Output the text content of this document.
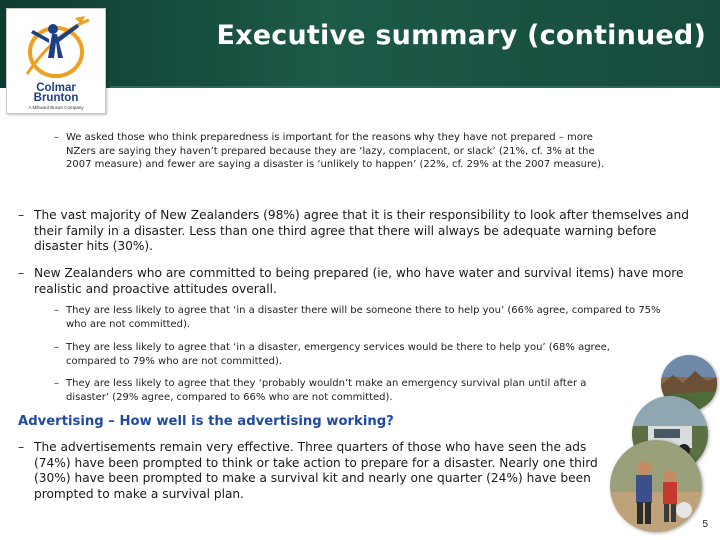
Executive summary (continued)
Colmar
Brunton
A Millward Brown Company
– We asked those who think preparedness is important for the reasons why they have not prepared – more NZers are saying they haven’t prepared because they are ‘lazy, complacent, or slack’ (21%, cf. 3% at the 2007 measure) and fewer are saying a disaster is ‘unlikely to happen’ (22%, cf. 29% at the 2007 measure).
– The vast majority of New Zealanders (98%) agree that it is their responsibility to look after themselves and their family in a disaster. Less than one third agree that there will always be adequate warning before disaster hits (30%).
– New Zealanders who are committed to being prepared (ie, who have water and survival items) have more realistic and proactive attitudes overall.
– They are less likely to agree that ‘in a disaster there will be someone there to help you’ (66% agree, compared to 75% who are not committed).
– They are less likely to agree that ‘in a disaster, emergency services would be there to help you’ (68% agree, compared to 79% who are not committed).
– They are less likely to agree that they ‘probably wouldn’t make an emergency survival plan until after a disaster’ (29% agree, compared to 66% who are not committed).
Advertising – How well is the advertising working?
– The advertisements remain very effective. Three quarters of those who have seen the ads (74%) have been prompted to think or take action to prepare for a disaster. Nearly one third (30%) have been prompted to make a survival kit and nearly one quarter (24%) have been prompted to make a survival plan.
5
